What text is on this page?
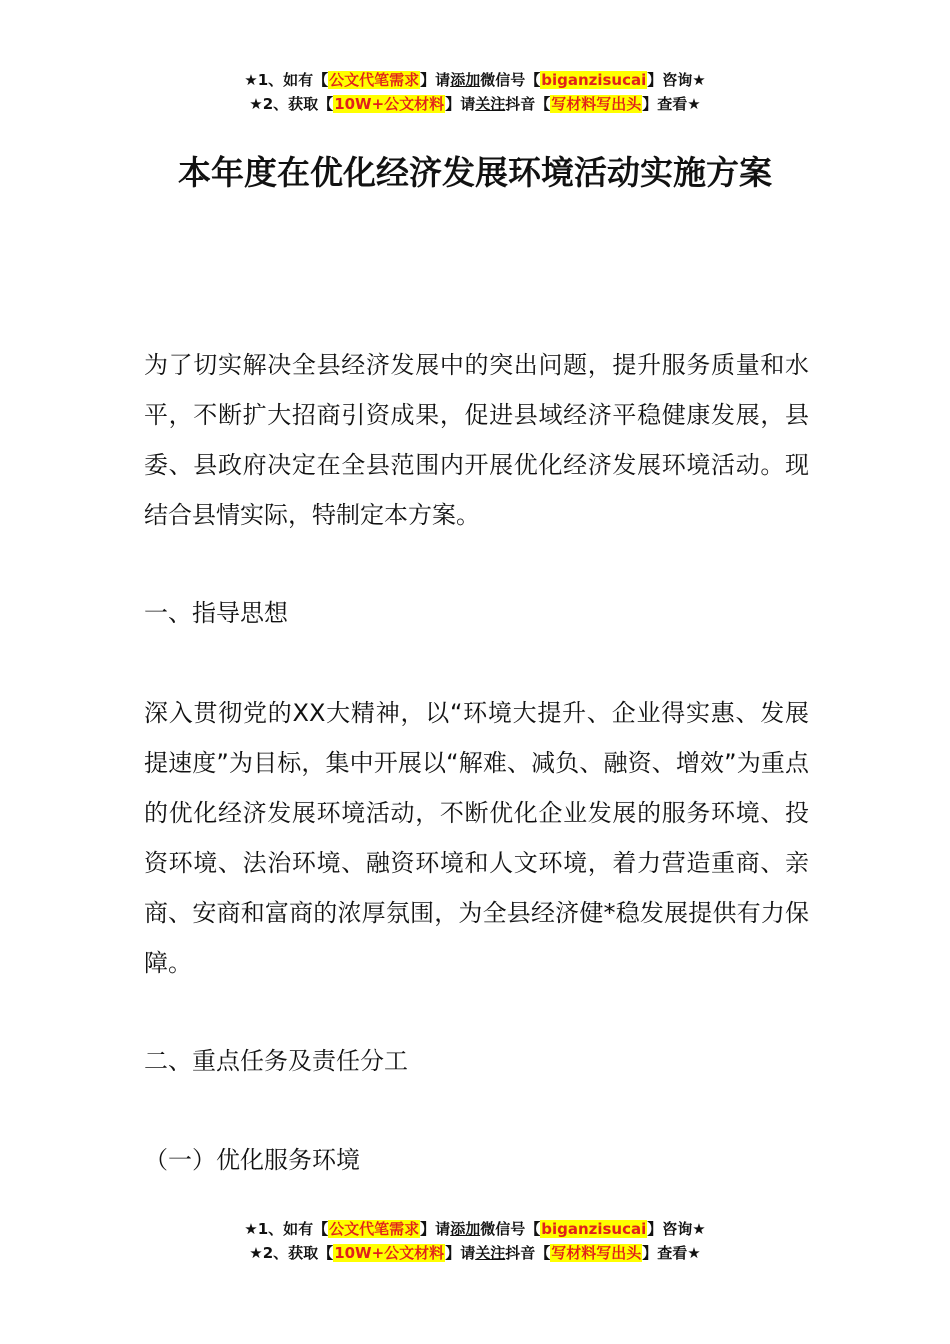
★1、如有【公文代笔需求】请添加微信号【biganzisucai】咨询★
★2、获取【10W+公文材料】请关注抖音【写材料写出头】查看★
本年度在优化经济发展环境活动实施方案

为了切实解决全县经济发展中的突出问题，提升服务质量和水平，不断扩大招商引资成果，促进县域经济平稳健康发展，县委、县政府决定在全县范围内开展优化经济发展环境活动。现结合县情实际，特制定本方案。

一、指导思想

深入贯彻党的XX大精神，以“环境大提升、企业得实惠、发展提速度”为目标，集中开展以“解难、减负、融资、增效”为重点的优化经济发展环境活动，不断优化企业发展的服务环境、投资环境、法治环境、融资环境和人文环境，着力营造重商、亲商、安商和富商的浓厚氛围，为全县经济健*稳发展提供有力保障。

二、重点任务及责任分工

（一）优化服务环境

★1、如有【公文代笔需求】请添加微信号【biganzisucai】咨询★
★2、获取【10W+公文材料】请关注抖音【写材料写出头】查看★
